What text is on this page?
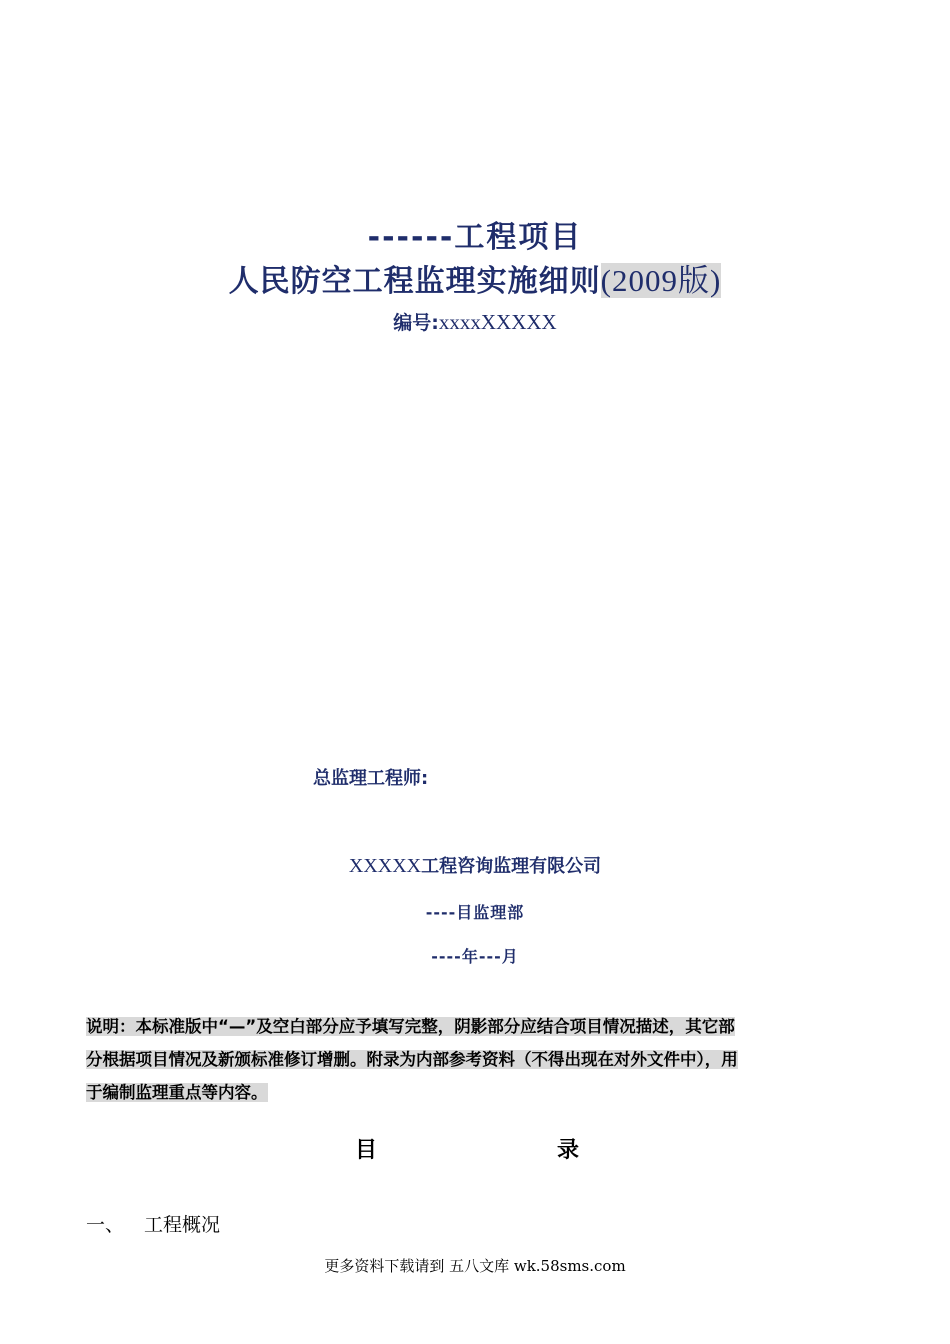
------工程项目
人民防空工程监理实施细则(2009版)
编号:xxxxXXXXX
总监理工程师:
XXXXX工程咨询监理有限公司
----目监理部
----年---月
说明：本标准版中“—”及空白部分应予填写完整，阴影部分应结合项目情况描述，其它部
分根据项目情况及新颁标准修订增删。附录为内部参考资料（不得出现在对外文件中），用
于编制监理重点等内容。
目	录
一、 工程概况
更多资料下载请到 五八文库 wk.58sms.com
